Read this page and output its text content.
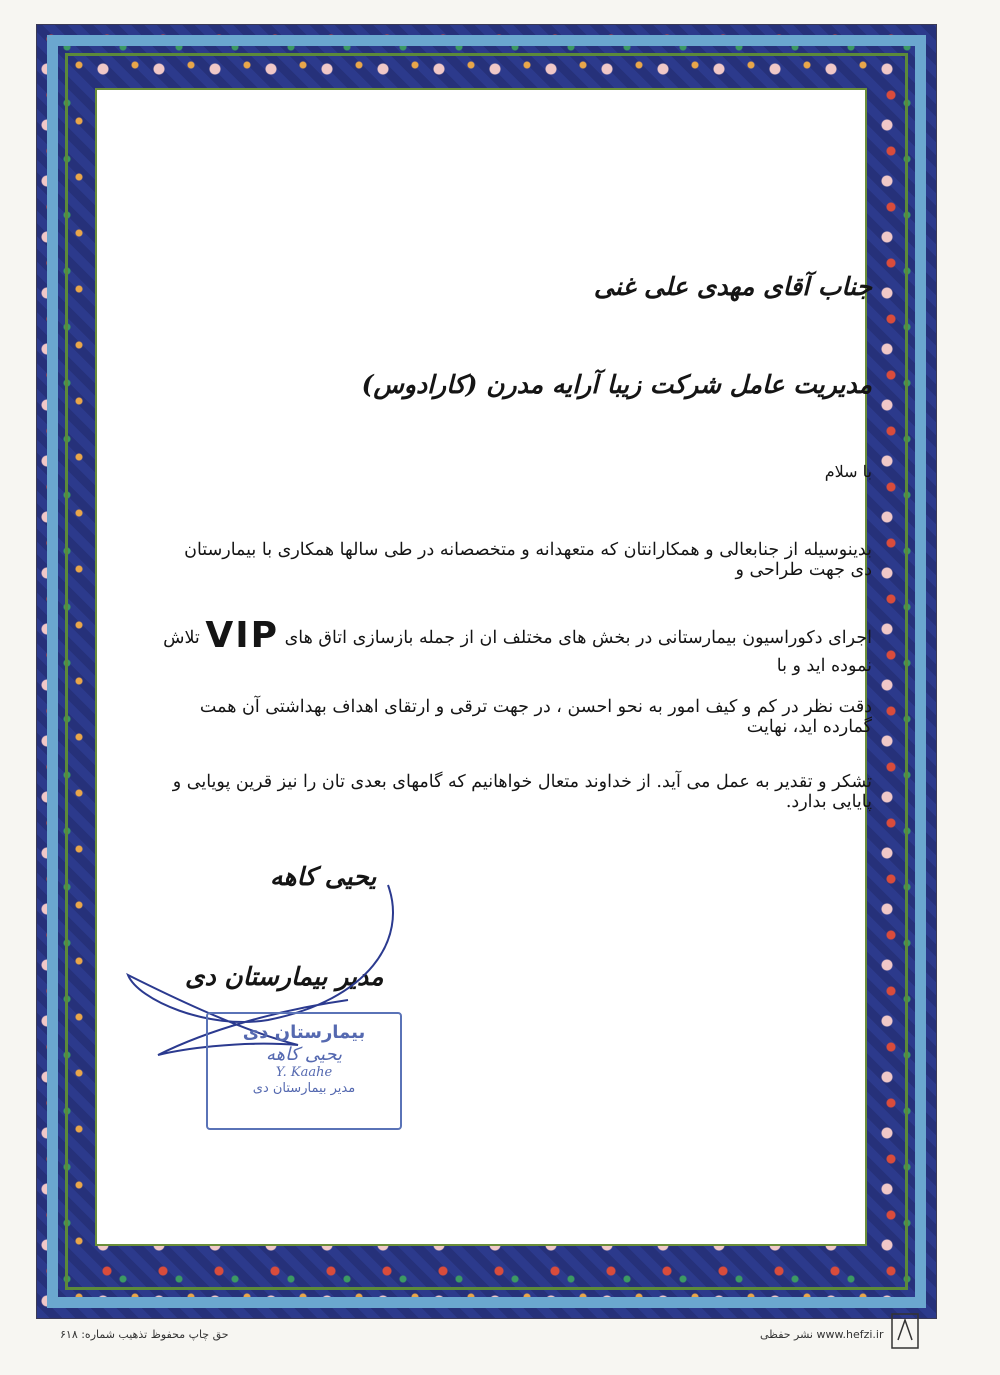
جناب آقای مهدی علی غنی
مدیریت عامل شرکت زیبا آرایه مدرن (کارادوس)
با سلام
بدینوسیله از جنابعالی و همکارانتان که متعهدانه و متخصصانه در طی سالها همکاری با بیمارستان دی جهت طراحی و
اجرای دکوراسیون بیمارستانی در بخش های مختلف ان از جمله بازسازی اتاق های VIP تلاش نموده اید و با
دقت نظر در کم و کیف امور به نحو احسن ، در جهت ترقی و ارتقای اهداف بهداشتی آن همت گمارده اید، نهایت
تشکر و تقدیر به عمل می آید. از خداوند متعال خواهانیم که گامهای بعدی تان را نیز قرین پویایی و پایایی بدارد.
یحیی کاهه
مدیر بیمارستان دی
بیمارستان دی
یحیی کاهه
Y. Kaahe
مدیر بیمارستان دی
حق چاپ محفوظ تذهیب شماره: ۶۱۸	www.hefzi.ir نشر حفظی
